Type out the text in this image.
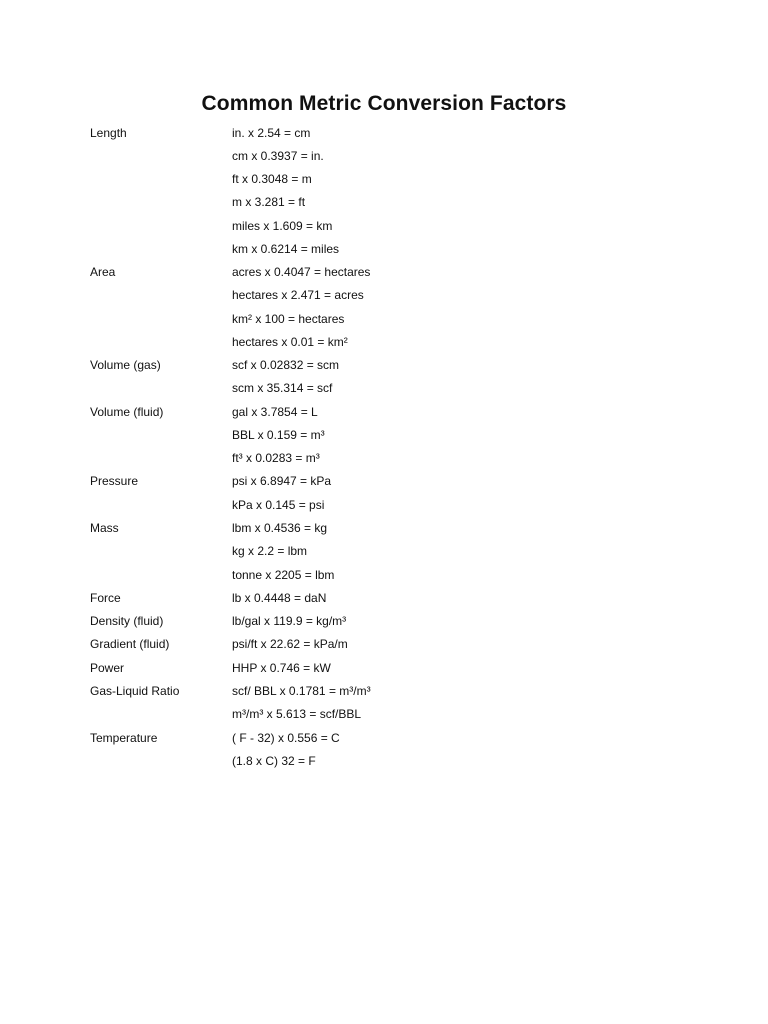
Common Metric Conversion Factors
Length	in. x 2.54 = cm
cm x 0.3937 = in.
ft x 0.3048 = m
m x 3.281 = ft
miles x 1.609 = km
km x 0.6214 = miles
Area	acres x 0.4047 = hectares
hectares x 2.471 = acres
km² x 100 = hectares
hectares x 0.01 = km²
Volume (gas)	scf x 0.02832 = scm
scm x 35.314 = scf
Volume (fluid)	gal x 3.7854 = L
BBL x 0.159 = m³
ft³ x 0.0283 = m³
Pressure	psi x 6.8947 = kPa
kPa x 0.145 = psi
Mass	lbm x 0.4536 = kg
kg x 2.2 = lbm
tonne x 2205 = lbm
Force	lb x 0.4448 = daN
Density (fluid)	lb/gal x 119.9 = kg/m³
Gradient (fluid)	psi/ft x 22.62 = kPa/m
Power	HHP x 0.746 = kW
Gas-Liquid Ratio	scf/ BBL x 0.1781 = m³/m³
m³/m³ x 5.613 = scf/BBL
Temperature	( F - 32) x 0.556 = C
(1.8 x C) 32 = F
